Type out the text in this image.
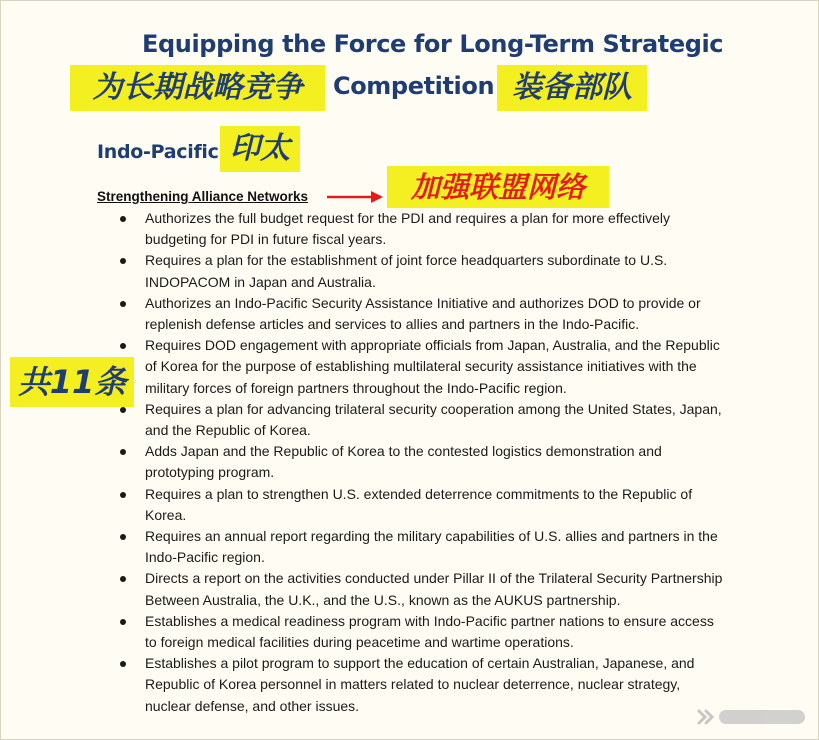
Equipping the Force for Long-Term Strategic
为长期战略竞争 Competition 装备部队
Indo-Pacific 印太
Strengthening Alliance Networks	加强联盟网络
Authorizes the full budget request for the PDI and requires a plan for more effectively budgeting for PDI in future fiscal years.
Requires a plan for the establishment of joint force headquarters subordinate to U.S. INDOPACOM in Japan and Australia.
Authorizes an Indo-Pacific Security Assistance Initiative and authorizes DOD to provide or replenish defense articles and services to allies and partners in the Indo-Pacific.
Requires DOD engagement with appropriate officials from Japan, Australia, and the Republic of Korea for the purpose of establishing multilateral security assistance initiatives with the military forces of foreign partners throughout the Indo-Pacific region.
Requires a plan for advancing trilateral security cooperation among the United States, Japan, and the Republic of Korea.
Adds Japan and the Republic of Korea to the contested logistics demonstration and prototyping program.
Requires a plan to strengthen U.S. extended deterrence commitments to the Republic of Korea.
Requires an annual report regarding the military capabilities of U.S. allies and partners in the Indo-Pacific region.
Directs a report on the activities conducted under Pillar II of the Trilateral Security Partnership Between Australia, the U.K., and the U.S., known as the AUKUS partnership.
Establishes a medical readiness program with Indo-Pacific partner nations to ensure access to foreign medical facilities during peacetime and wartime operations.
Establishes a pilot program to support the education of certain Australian, Japanese, and Republic of Korea personnel in matters related to nuclear deterrence, nuclear strategy, nuclear defense, and other issues.
共11条
